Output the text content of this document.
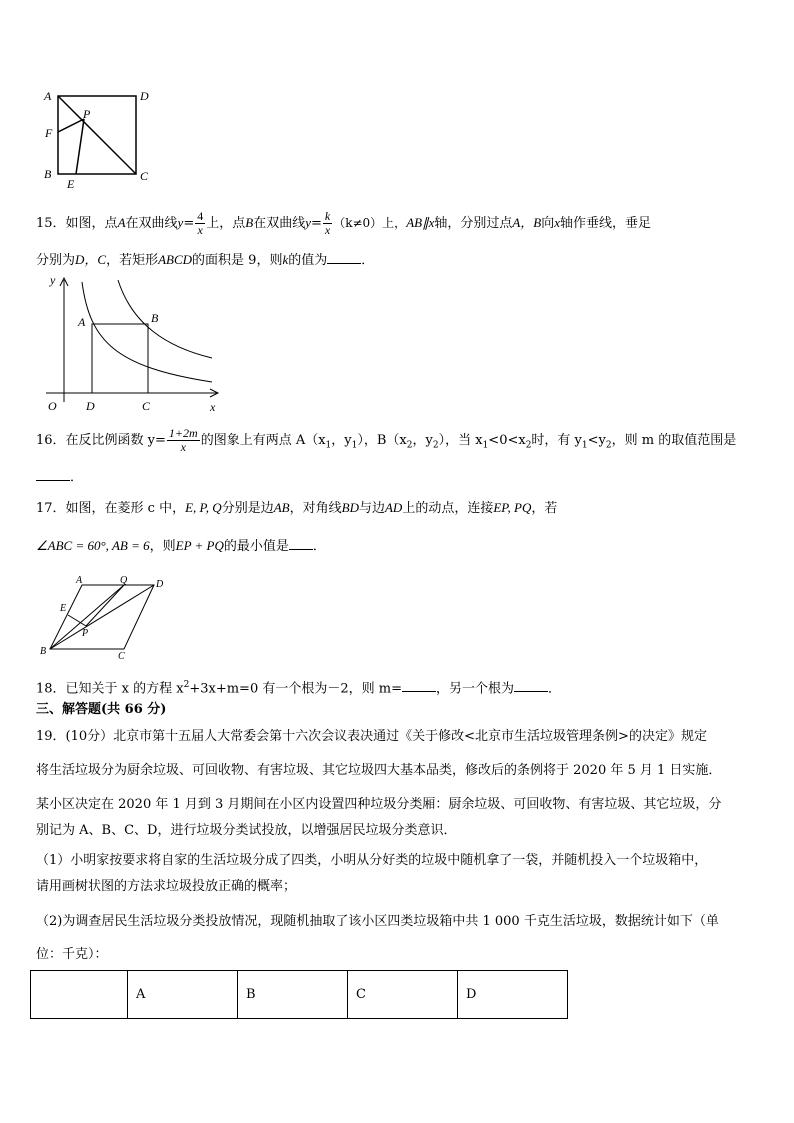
A	D
F
P
B
E
C
15．如图，点A在双曲线$y= \frac{4}{x}$ 上，点B在双曲线$y= \frac{k}{x} (k\ne 0)$上，AB∥x轴，分别过点A，B向x轴作垂线，垂足
分别为D，C，若矩形ABCD的面积是 9，则k的值为	．
y
A	B
O D	C	x
16．在反比例函数 $y= \frac{1+2m}{x}$ 的图象上有两点 $A(x_1$，$y_1$），$B(x_2$，$y_2$），当 $x_1<0<x_2$时，有 $y_1<y_2$，则 m 的取值范围是
．
17．如图，在菱形 c 中，E, P, Q分别是边AB，对角线BD与边AD上的动点，连接EP, PQ，若
∠ABC = 60°, AB = 6，则EP + PQ的最小值是 ．
A	Q	D
E
P
B	C
18．已知关于 x 的方程 $x^2+3x+m=0$ 有一个根为－2，则 m=	，另一个根为	．
三、解答题(共 66 分)
19．(10分）北京市第十五届人大常委会第十六次会议表决通过《关于修改<北京市生活垃圾管理条例>的决定》规定
将生活垃圾分为厨余垃圾、可回收物、有害垃圾、其它垃圾四大基本品类，修改后的条例将于 2020 年 5 月 1 日实施．
某小区决定在 2020 年 1 月到 3 月期间在小区内设置四种垃圾分类厢：厨余垃圾、可回收物、有害垃圾、其它垃圾，分
别记为 A、B、C、D，进行垃圾分类试投放，以增强居民垃圾分类意识．
（1）小明家按要求将自家的生活垃圾分成了四类，小明从分好类的垃圾中随机拿了一袋，并随机投入一个垃圾箱中，
请用画树状图的方法求垃圾投放正确的概率；
（2)为调查居民生活垃圾分类投放情况，现随机抽取了该小区四类垃圾箱中共 1 000 千克生活垃圾，数据统计如下（单
位：千克）：
	A	B	C	D
